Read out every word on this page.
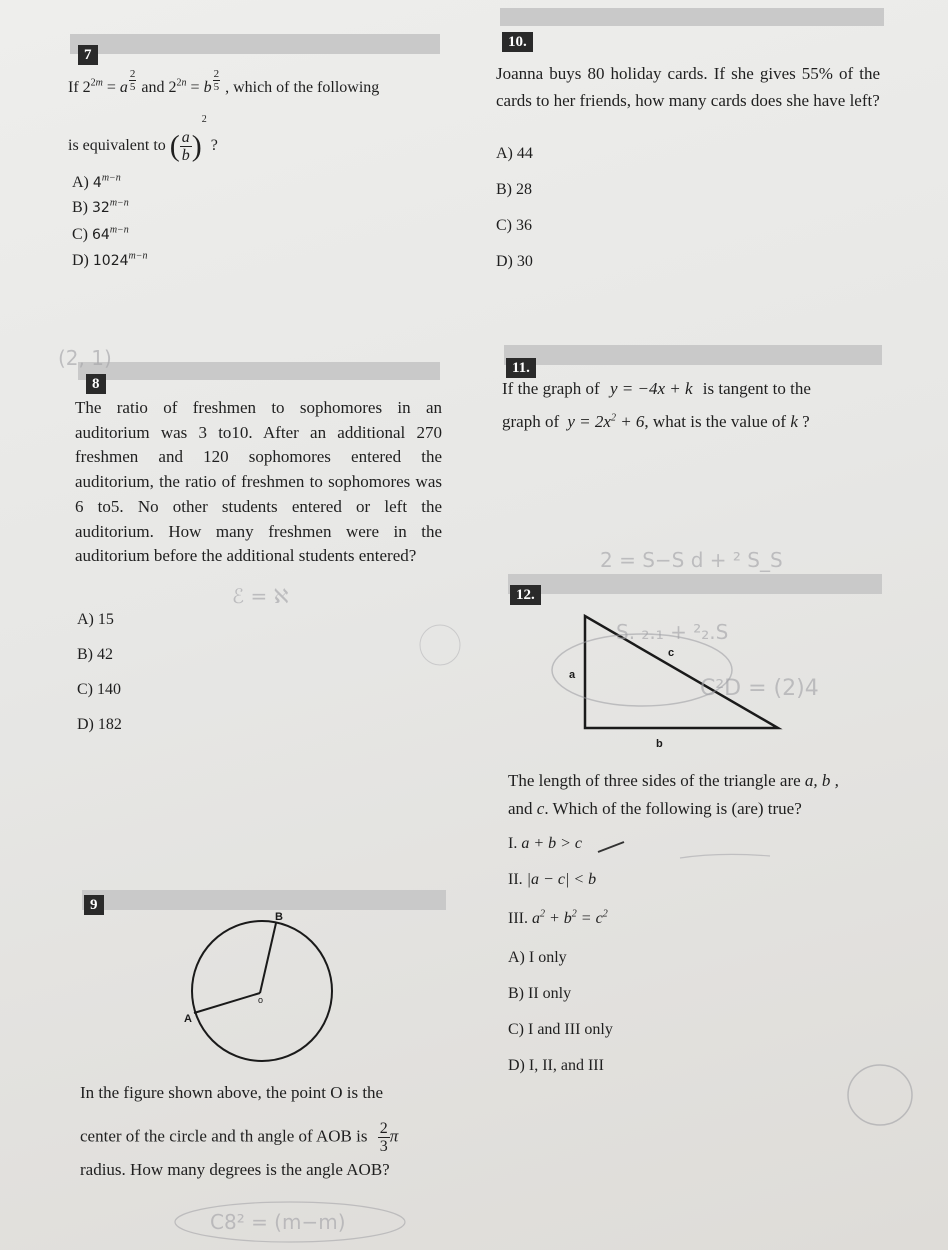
7
If $2^{2m} = a \frac{2}{5}$ and $2^{2n} = b \frac{2}{5}$ , which of the following
is equivalent to ( $\frac{a}{b} )^2$ ?
A) $4^{m-n}$
B) $32^{m-n}$
C) $64^{m-n}$
D) $1024^{m-n}$
10.
Joanna buys 80 holiday cards. If she gives 55% of the cards to her friends, how many cards does she have left?
A) 44
B) 28
C) 36
D) 30
8
The ratio of freshmen to sophomores in an auditorium was 3 to10. After an additional 270 freshmen and 120 sophomores entered the auditorium, the ratio of freshmen to sophomores was 6 to5. No other students entered or left the auditorium. How many freshmen were in the auditorium before the additional students entered?
A) 15
B) 42
C) 140
D) 182
11.
If the graph of y = −4x + k is tangent to the
graph of $y = 2x^2 + 6$, what is the value of k ?
12.
c
a
b
The length of three sides of the triangle are a, b ,
and c. Which of the following is (are) true?
I. a + b > c
II. |a − c| < b
III. $a^2 + b^2 = c^2$
A) I only
B) II only
C) I and III only
D) I, II, and III
9
B
o
A
In the figure shown above, the point O is the
center of the circle and th angle of AOB is $\frac{2}{3}$ π
radius. How many degrees is the angle AOB?
(2, 1)
ℰ = ℵ
2 = S−S d + ² S_S
S. ₂.₁ + ²₂.S
C²D = (2)4
C8² = (m−m)
